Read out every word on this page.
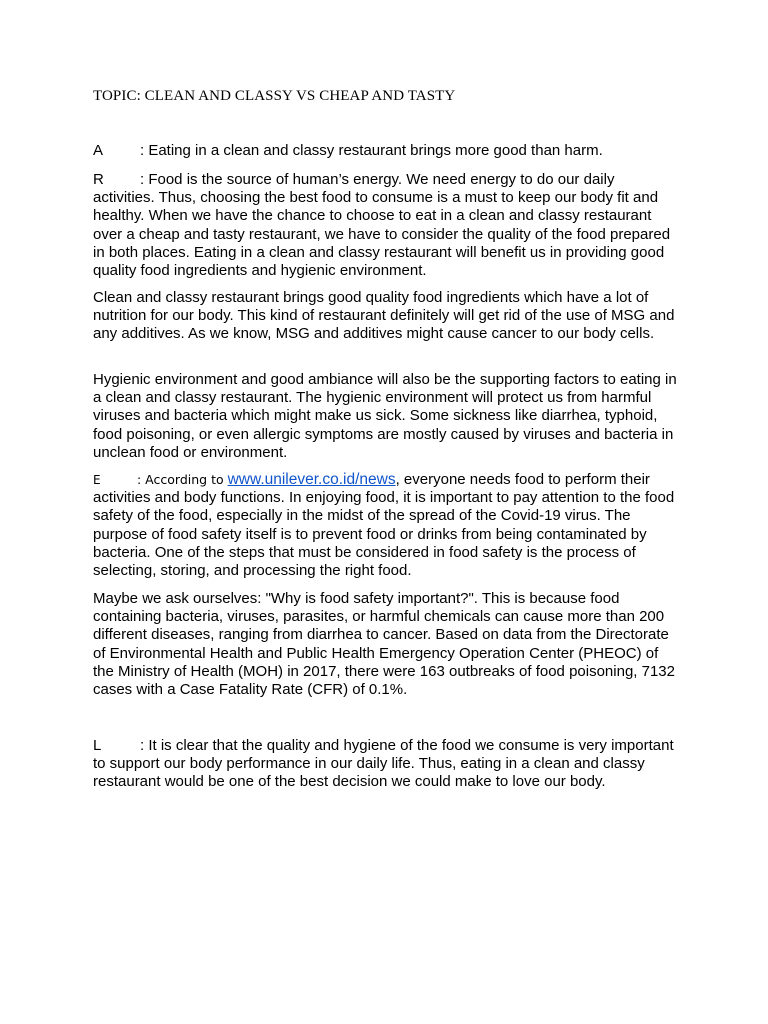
TOPIC: CLEAN AND CLASSY VS CHEAP AND TASTY

A : Eating in a clean and classy restaurant brings more good than harm.

R : Food is the source of human’s energy. We need energy to do our daily activities. Thus, choosing the best food to consume is a must to keep our body fit and healthy. When we have the chance to choose to eat in a clean and classy restaurant over a cheap and tasty restaurant, we have to consider the quality of the food prepared in both places. Eating in a clean and classy restaurant will benefit us in providing good quality food ingredients and hygienic environment.

Clean and classy restaurant brings good quality food ingredients which have a lot of nutrition for our body. This kind of restaurant definitely will get rid of the use of MSG and any additives. As we know, MSG and additives might cause cancer to our body cells.
Hygienic environment and good ambiance will also be the supporting factors to eating in a clean and classy restaurant. The hygienic environment will protect us from harmful viruses and bacteria which might make us sick. Some sickness like diarrhea, typhoid, food poisoning, or even allergic symptoms are mostly caused by viruses and bacteria in unclean food or environment.

E	: According to www.unilever.co.id/news, everyone needs food to perform their activities and body functions. In enjoying food, it is important to pay attention to the food safety of the food, especially in the midst of the spread of the Covid-19 virus. The purpose of food safety itself is to prevent food or drinks from being contaminated by bacteria. One of the steps that must be considered in food safety is the process of selecting, storing, and processing the right food.

Maybe we ask ourselves: "Why is food safety important?". This is because food containing bacteria, viruses, parasites, or harmful chemicals can cause more than 200 different diseases, ranging from diarrhea to cancer. Based on data from the Directorate of Environmental Health and Public Health Emergency Operation Center (PHEOC) of the Ministry of Health (MOH) in 2017, there were 163 outbreaks of food poisoning, 7132 cases with a Case Fatality Rate (CFR) of 0.1%.

L	: It is clear that the quality and hygiene of the food we consume is very important to support our body performance in our daily life. Thus, eating in a clean and classy restaurant would be one of the best decision we could make to love our body.
